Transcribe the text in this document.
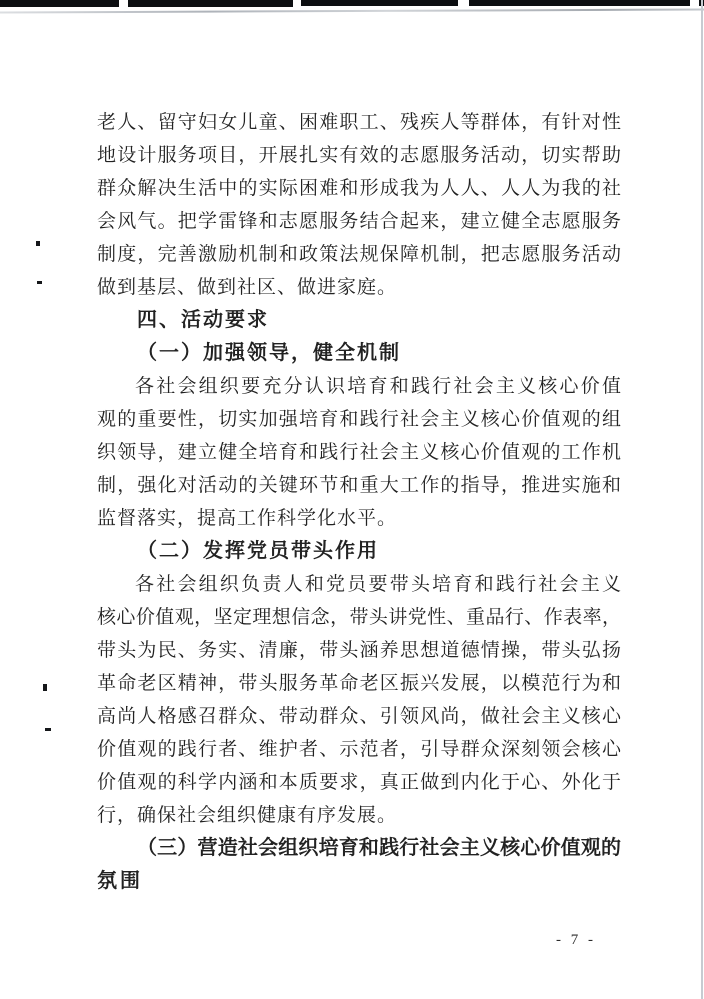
老人、留守妇女儿童、困难职工、残疾人等群体，有针对性
地设计服务项目，开展扎实有效的志愿服务活动，切实帮助
群众解决生活中的实际困难和形成我为人人、人人为我的社
会风气。把学雷锋和志愿服务结合起来，建立健全志愿服务
制度，完善激励机制和政策法规保障机制，把志愿服务活动
做到基层、做到社区、做进家庭。
四、活动要求
（一）加强领导，健全机制
各社会组织要充分认识培育和践行社会主义核心价值
观的重要性，切实加强培育和践行社会主义核心价值观的组
织领导，建立健全培育和践行社会主义核心价值观的工作机
制，强化对活动的关键环节和重大工作的指导，推进实施和
监督落实，提高工作科学化水平。
（二）发挥党员带头作用
各社会组织负责人和党员要带头培育和践行社会主义
核心价值观，坚定理想信念，带头讲党性、重品行、作表率，
带头为民、务实、清廉，带头涵养思想道德情操，带头弘扬
革命老区精神，带头服务革命老区振兴发展，以模范行为和
高尚人格感召群众、带动群众、引领风尚，做社会主义核心
价值观的践行者、维护者、示范者，引导群众深刻领会核心
价值观的科学内涵和本质要求，真正做到内化于心、外化于
行，确保社会组织健康有序发展。
（三）营造社会组织培育和践行社会主义核心价值观的
氛围
- 7 -
